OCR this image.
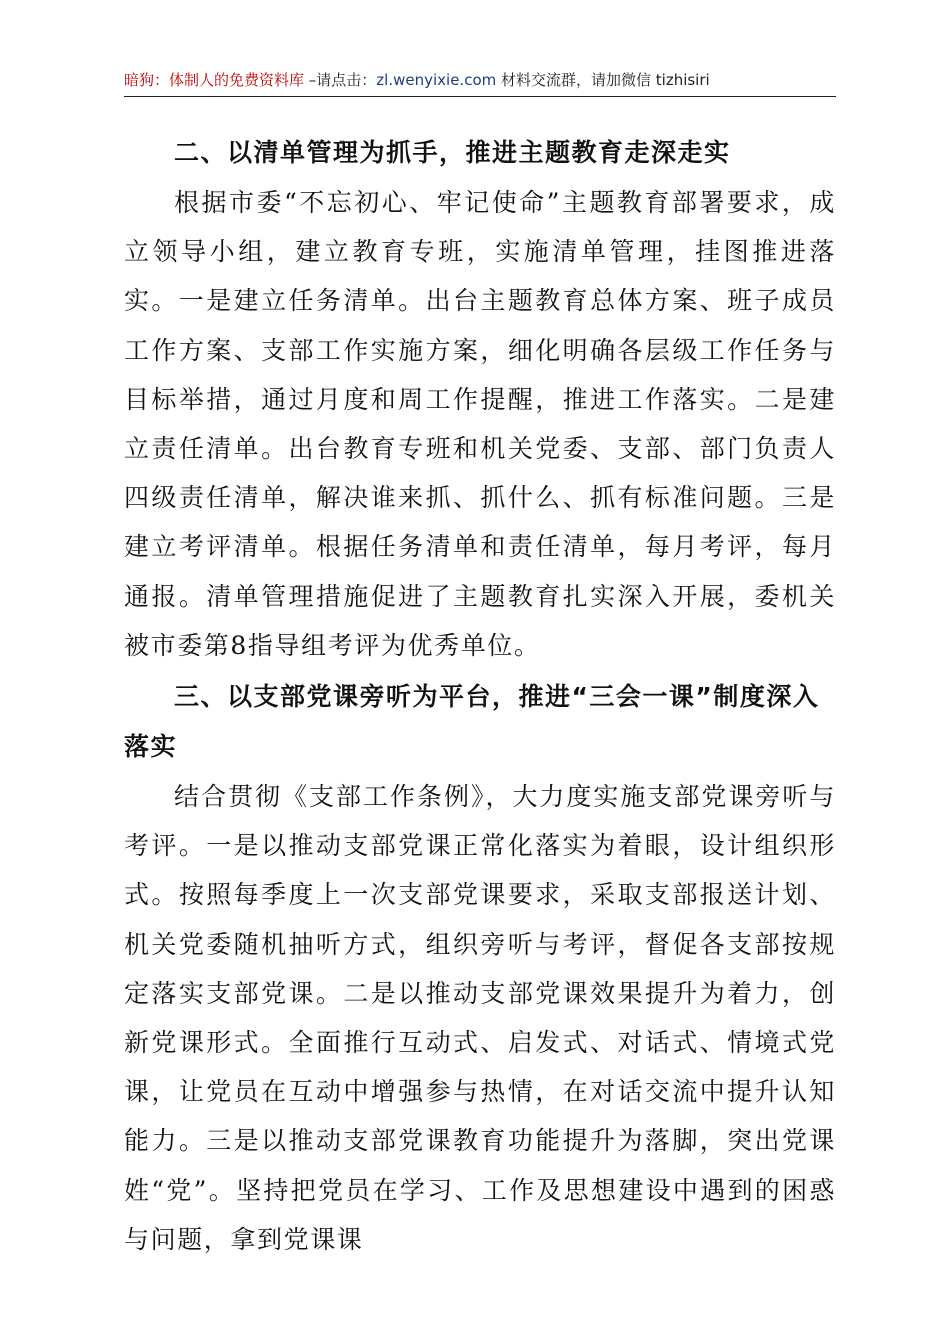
暗狗：体制人的免费资料库 –请点击：zl.wenyixie.com 材料交流群，请加微信 tizhisiri

二、以清单管理为抓手，推进主题教育走深走实

根据市委“不忘初心、牢记使命”主题教育部署要求，成立领导小组，建立教育专班，实施清单管理，挂图推进落实。一是建立任务清单。出台主题教育总体方案、班子成员工作方案、支部工作实施方案，细化明确各层级工作任务与目标举措，通过月度和周工作提醒，推进工作落实。二是建立责任清单。出台教育专班和机关党委、支部、部门负责人四级责任清单，解决谁来抓、抓什么、抓有标准问题。三是建立考评清单。根据任务清单和责任清单，每月考评，每月通报。清单管理措施促进了主题教育扎实深入开展，委机关被市委第8指导组考评为优秀单位。

三、以支部党课旁听为平台，推进“三会一课”制度深入
落实

结合贯彻《支部工作条例》，大力度实施支部党课旁听与考评。一是以推动支部党课正常化落实为着眼，设计组织形式。按照每季度上一次支部党课要求，采取支部报送计划、机关党委随机抽听方式，组织旁听与考评，督促各支部按规定落实支部党课。二是以推动支部党课效果提升为着力，创新党课形式。全面推行互动式、启发式、对话式、情境式党课，让党员在互动中增强参与热情，在对话交流中提升认知能力。三是以推动支部党课教育功能提升为落脚，突出党课姓“党”。坚持把党员在学习、工作及思想建设中遇到的困惑与问题，拿到党课课
